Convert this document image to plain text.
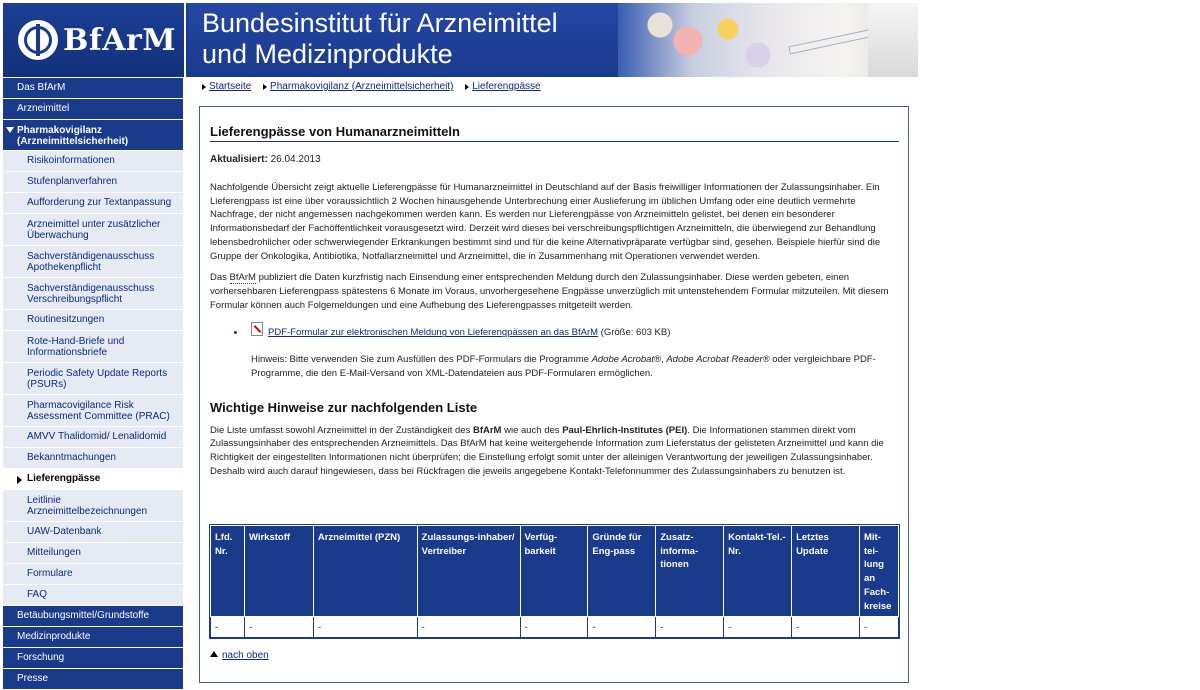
BfArM Bundesinstitut für Arzneimittel
und Medizinprodukte
Das BfArM
Arzneimittel
Pharmakovigilanz (Arzneimittelsicherheit)
Risikoinformationen
Stufenplanverfahren
Aufforderung zur Textanpassung
Arzneimittel unter zusätzlicher Überwachung
Sachverständigenausschuss Apothekenpflicht
Sachverständigenausschuss Verschreibungspflicht
Routinesitzungen
Rote-Hand-Briefe und Informationsbriefe
Periodic Safety Update Reports (PSURs)
Pharmacovigilance Risk Assessment Committee (PRAC)
AMVV Thalidomid/ Lenalidomid
Bekanntmachungen
Lieferengpässe
Leitlinie Arzneimittelbezeichnungen
UAW-Datenbank
Mitteilungen
Formulare
FAQ
Betäubungsmittel/Grundstoffe
Medizinprodukte
Forschung
Presse
Startseite Pharmakovigilanz (Arzneimittelsicherheit) Lieferengpässe
Lieferengpässe von Humanarzneimitteln
Aktualisiert: 26.04.2013

Nachfolgende Übersicht zeigt aktuelle Lieferengpässe für Humanarzneimittel in Deutschland auf der Basis freiwilliger Informationen der Zulassungsinhaber. Ein Lieferengpass ist eine über voraussichtlich 2 Wochen hinausgehende Unterbrechung einer Auslieferung im üblichen Umfang oder eine deutlich vermehrte Nachfrage, der nicht angemessen nachgekommen werden kann. Es werden nur Lieferengpässe von Arzneimitteln gelistet, bei denen ein besonderer Informationsbedarf der Fachöffentlichkeit vorausgesetzt wird. Derzeit wird dieses bei verschreibungspflichtigen Arzneimitteln, die überwiegend zur Behandlung lebensbedrohlicher oder schwerwiegender Erkrankungen bestimmt sind und für die keine Alternativpräparate verfügbar sind, gesehen. Beispiele hierfür sind die Gruppe der Onkologika, Antibiotika, Notfallarzneimittel und Arzneimittel, die in Zusammenhang mit Operationen verwendet werden.

Das BfArM publiziert die Daten kurzfristig nach Einsendung einer entsprechenden Meldung durch den Zulassungsinhaber. Diese werden gebeten, einen vorhersehbaren Lieferengpass spätestens 6 Monate im Voraus, unvorhergesehene Engpässe unverzüglich mit untenstehendem Formular mitzuteilen. Mit diesem Formular können auch Folgemeldungen und eine Aufhebung des Lieferengpasses mitgeteilt werden.

PDF-Formular zur elektronischen Meldung von Lieferengpässen an das BfArM (Größe: 603 KB)

Hinweis: Bitte verwenden Sie zum Ausfüllen des PDF-Formulars die Programme Adobe Acrobat®, Adobe Acrobat Reader® oder vergleichbare PDF-Programme, die den E-Mail-Versand von XML-Datendateien aus PDF-Formularen ermöglichen.

Wichtige Hinweise zur nachfolgenden Liste

Die Liste umfasst sowohl Arzneimittel in der Zuständigkeit des BfArM wie auch des Paul-Ehrlich-Institutes (PEI). Die Informationen stammen direkt vom Zulassungsinhaber des entsprechenden Arzneimittels. Das BfArM hat keine weitergehende Information zum Lieferstatus der gelisteten Arzneimittel und kann die Richtigkeit der eingestellten Informationen nicht überprüfen; die Einstellung erfolgt somit unter der alleinigen Verantwortung der jeweiligen Zulassungsinhaber. Deshalb wird auch darauf hingewiesen, dass bei Rückfragen die jeweils angegebene Kontakt-Telefonnummer des Zulassungsinhabers zu benutzen ist.

Lfd. Nr.	Wirkstoff	Arzneimittel (PZN)	Zulassungs-inhaber/ Vertreiber	Verfüg-barkeit	Gründe für Eng-pass	Zusatz-informa-tionen	Kontakt-Tel.-Nr.	Letztes Update	Mit-tei-lung an Fach-kreise
-	-	-	-	-	-	-	-	-	-
nach oben
